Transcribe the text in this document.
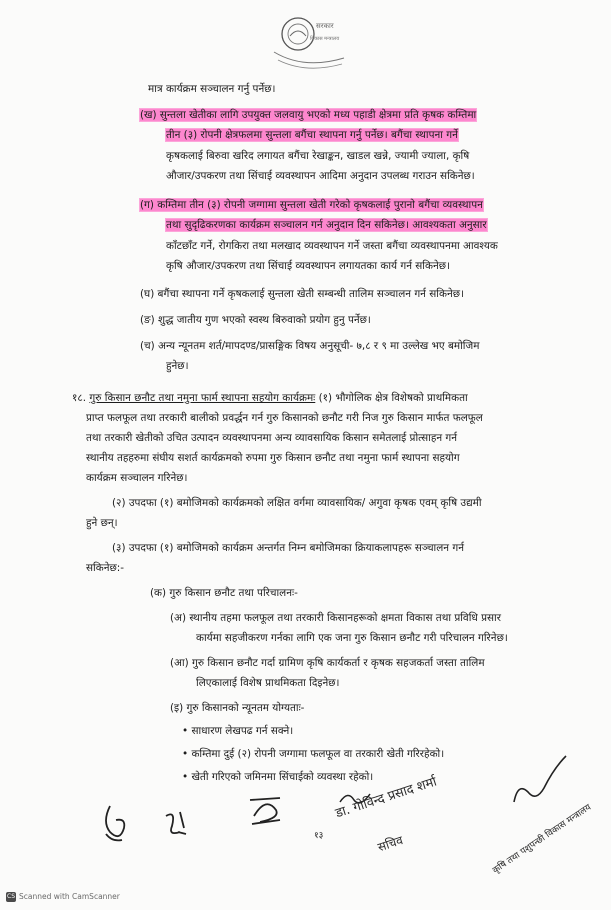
सरकार
विकास मन्त्रालय
मात्र कार्यक्रम सञ्चालन गर्नु पर्नेछ।
(ख) सुन्तला खेतीका लागि उपयुक्त जलवायु भएको मध्य पहाडी क्षेत्रमा प्रति कृषक कम्तिमा
तीन (३) रोपनी क्षेत्रफलमा सुन्तला बगैंचा स्थापना गर्नु पर्नेछ। बगैंचा स्थापना गर्ने
कृषकलाई बिरुवा खरिद लगायत बगैंचा रेखाङ्कन, खाडल खन्ने, ज्यामी ज्याला, कृषि
औजार/उपकरण तथा सिंचाई व्यवस्थापन आदिमा अनुदान उपलब्ध गराउन सकिनेछ।
(ग) कम्तिमा तीन (३) रोपनी जग्गामा सुन्तला खेती गरेको कृषकलाई पुरानो बगैंचा व्यवस्थापन
तथा सुदृढिकरणका कार्यक्रम सञ्चालन गर्न अनुदान दिन सकिनेछ। आवश्यकता अनुसार
काँटछाँट गर्ने, रोगकिरा तथा मलखाद व्यवस्थापन गर्ने जस्ता बगैंचा व्यवस्थापनमा आवश्यक
कृषि औजार/उपकरण तथा सिंचाई व्यवस्थापन लगायतका कार्य गर्न सकिनेछ।
(घ) बगैंचा स्थापना गर्ने कृषकलाई सुन्तला खेती सम्बन्धी तालिम सञ्चालन गर्न सकिनेछ।
(ङ) शुद्ध जातीय गुण भएको स्वस्थ बिरुवाको प्रयोग हुनु पर्नेछ।
(च) अन्य न्यूनतम शर्त/मापदण्ड/प्रासङ्गिक विषय अनुसूची- ७,८ र ९ मा उल्लेख भए बमोजिम
हुनेछ।
१८. गुरु किसान छनौट तथा नमुना फार्म स्थापना सहयोग कार्यक्रमः (१) भौगोलिक क्षेत्र विशेषको प्राथमिकता
प्राप्त फलफूल तथा तरकारी बालीको प्रवर्द्धन गर्न गुरु किसानको छनौट गरी निज गुरु किसान मार्फत फलफूल
तथा तरकारी खेतीको उचित उत्पादन व्यवस्थापनमा अन्य व्यावसायिक किसान समेतलाई प्रोत्साहन गर्न
स्थानीय तहहरुमा संघीय सशर्त कार्यक्रमको रुपमा गुरु किसान छनौट तथा नमुना फार्म स्थापना सहयोग
कार्यक्रम सञ्चालन गरिनेछ।
(२) उपदफा (१) बमोजिमको कार्यक्रमको लक्षित वर्गमा व्यावसायिक/ अगुवा कृषक एवम् कृषि उद्यमी
हुने छन्।
(३) उपदफा (१) बमोजिमको कार्यक्रम अन्तर्गत निम्न बमोजिमका क्रियाकलापहरू सञ्चालन गर्न
सकिनेछ:-
(क) गुरु किसान छनौट तथा परिचालनः-
(अ) स्थानीय तहमा फलफूल तथा तरकारी किसानहरूको क्षमता विकास तथा प्रविधि प्रसार
कार्यमा सहजीकरण गर्नका लागि एक जना गुरु किसान छनौट गरी परिचालन गरिनेछ।
(आ) गुरु किसान छनौट गर्दा ग्रामिण कृषि कार्यकर्ता र कृषक सहजकर्ता जस्ता तालिम
लिएकालाई विशेष प्राथमिकता दिइनेछ।
(इ) गुरु किसानको न्यूनतम योग्यताः-
• साधारण लेखपढ गर्न सक्ने।
• कम्तिमा दुई (२) रोपनी जग्गामा फलफूल वा तरकारी खेती गरिरहेको।
• खेती गरिएको जमिनमा सिंचाईको व्यवस्था रहेको।
१३
डा. गोविन्द प्रसाद शर्मा
सचिव	कृषि तथा पशुपन्छी विकास मन्त्रालय
CS Scanned with CamScanner
